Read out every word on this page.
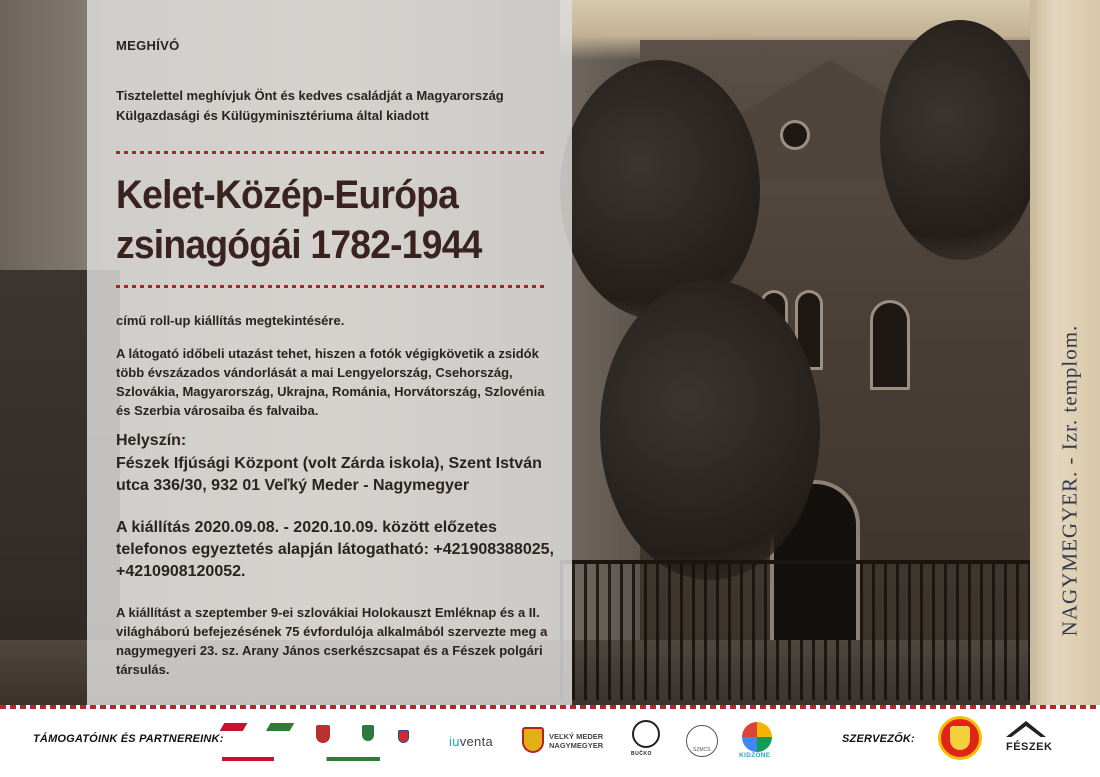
NAGYMEGYER. - Izr. templom.
MEGHÍVÓ
Tisztelettel meghívjuk Önt és kedves családját a Magyarország Külgazdasági és Külügyminisztériuma által kiadott
Kelet-Közép-Európa
zsinagógái 1782-1944
című roll-up kiállítás megtekintésére.
A látogató időbeli utazást tehet, hiszen a fotók végigkövetik a zsidók több évszázados vándorlását a mai Lengyelország, Csehország, Szlovákia, Magyarország, Ukrajna, Románia, Horvátország, Szlovénia és Szerbia városaiba és falvaiba.
Helyszín:
Fészek Ifjúsági Központ (volt Zárda iskola), Szent István utca 336/30, 932 01 Veľký Meder - Nagymegyer
A kiállítás 2020.09.08. - 2020.10.09. között előzetes telefonos egyeztetés alapján látogatható: +421908388025, +4210908120052.
A kiállítást a szeptember 9-ei szlovákiai Holokauszt Emléknap és a II. világháború befejezésének 75 évfordulója alkalmából szervezte meg a nagymegyeri 23. sz. Arany János cserkészcsapat és a Fészek polgári társulás.
TÁMOGATÓINK ÉS PARTNEREINK:	iuventa	VEĽKÝ MEDER
NAGYMEGYER
BUČKO
SZMCS
KIDZONE
SZERVEZŐK:
FÉSZEK
